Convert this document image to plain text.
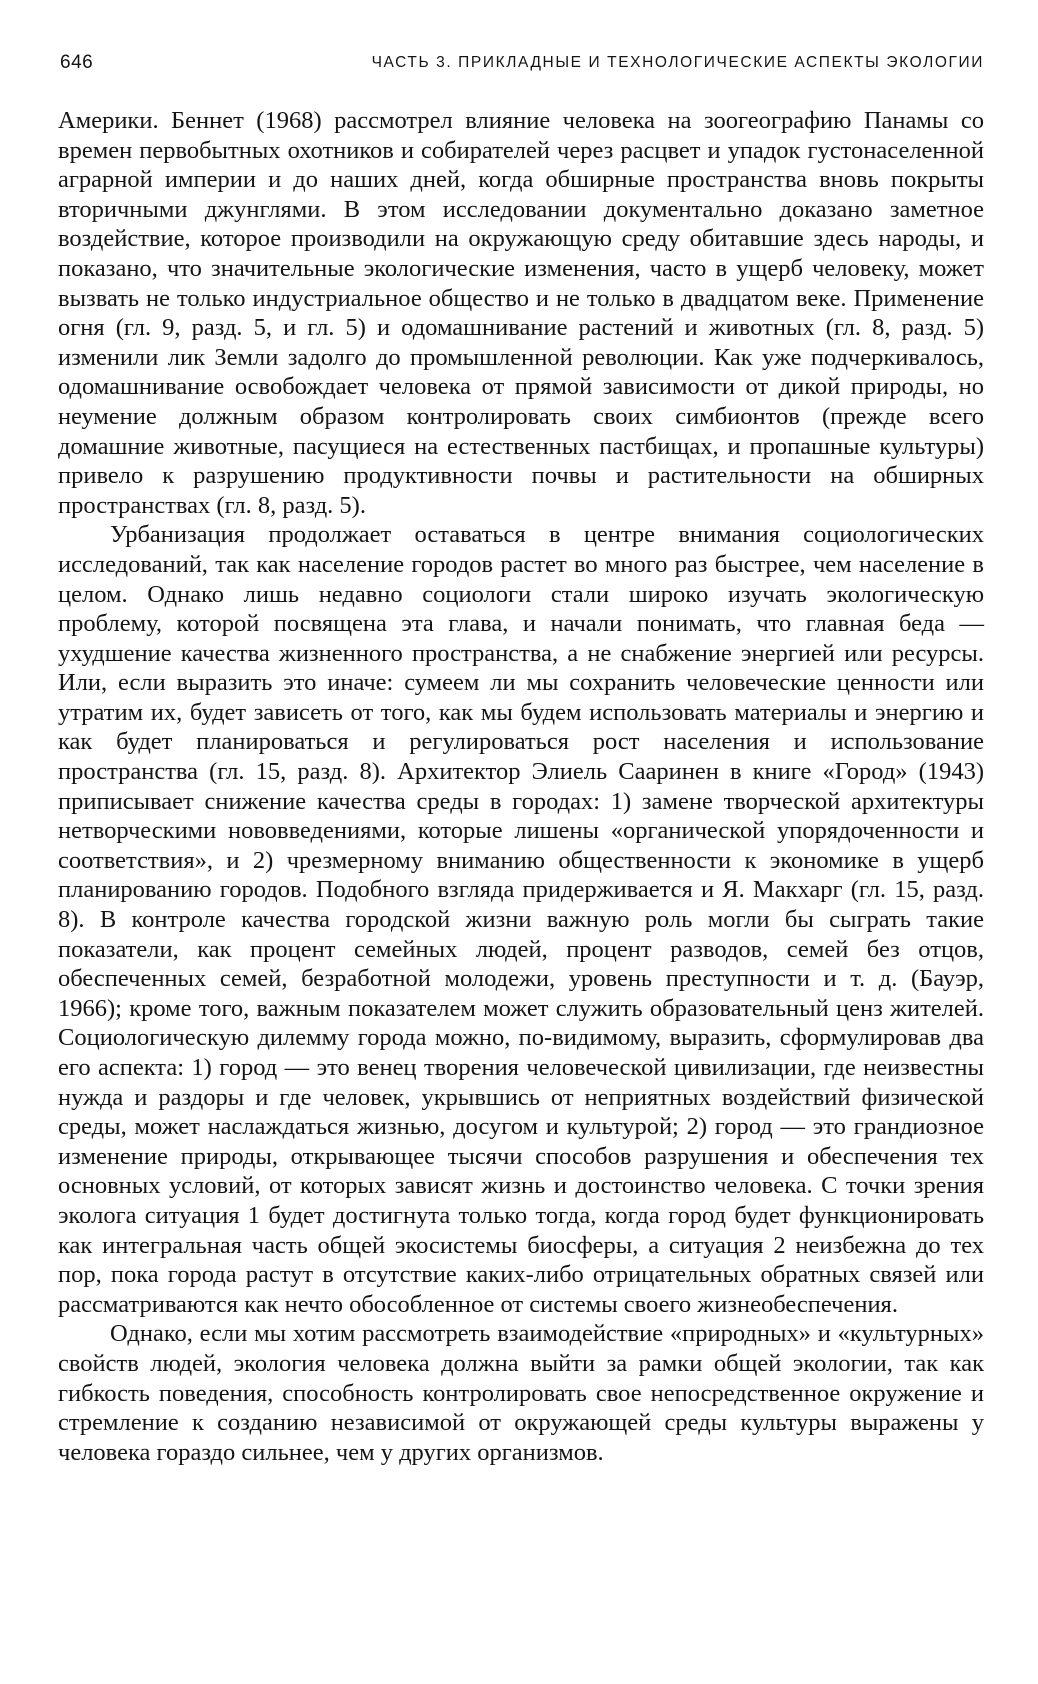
646	ЧАСТЬ 3. ПРИКЛАДНЫЕ И ТЕХНОЛОГИЧЕСКИЕ АСПЕКТЫ ЭКОЛОГИИ

Америки. Беннет (1968) рассмотрел влияние человека на зоогеографию Панамы со времен первобытных охотников и собирателей через расцвет и упадок густонаселенной аграрной империи и до наших дней, когда обширные пространства вновь покрыты вторичными джунглями. В этом исследовании документально доказано заметное воздействие, которое производили на окружающую среду обитавшие здесь народы, и показано, что значительные экологические изменения, часто в ущерб человеку, может вызвать не только индустриальное общество и не только в двадцатом веке. Применение огня (гл. 9, разд. 5, и гл. 5) и одомашнивание растений и животных (гл. 8, разд. 5) изменили лик Земли задолго до промышленной революции. Как уже подчеркивалось, одомашнивание освобождает человека от прямой зависимости от дикой природы, но неумение должным образом контролировать своих симбионтов (прежде всего домашние животные, пасущиеся на естественных пастбищах, и пропашные культуры) привело к разрушению продуктивности почвы и растительности на обширных пространствах (гл. 8, разд. 5).

Урбанизация продолжает оставаться в центре внимания социологических исследований, так как население городов растет во много раз быстрее, чем население в целом. Однако лишь недавно социологи стали широко изучать экологическую проблему, которой посвящена эта глава, и начали понимать, что главная беда — ухудшение качества жизненного пространства, а не снабжение энергией или ресурсы. Или, если выразить это иначе: сумеем ли мы сохранить человеческие ценности или утратим их, будет зависеть от того, как мы будем использовать материалы и энергию и как будет планироваться и регулироваться рост населения и использование пространства (гл. 15, разд. 8). Архитектор Элиель Сааринен в книге «Город» (1943) приписывает снижение качества среды в городах: 1) замене творческой архитектуры нетворческими нововведениями, которые лишены «органической упорядоченности и соответствия», и 2) чрезмерному вниманию общественности к экономике в ущерб планированию городов. Подобного взгляда придерживается и Я. Макхарг (гл. 15, разд. 8). В контроле качества городской жизни важную роль могли бы сыграть такие показатели, как процент семейных людей, процент разводов, семей без отцов, обеспеченных семей, безработной молодежи, уровень преступности и т. д. (Бауэр, 1966); кроме того, важным показателем может служить образовательный ценз жителей. Социологическую дилемму города можно, по-видимому, выразить, сформулировав два его аспекта: 1) город — это венец творения человеческой цивилизации, где неизвестны нужда и раздоры и где человек, укрывшись от неприятных воздействий физической среды, может наслаждаться жизнью, досугом и культурой; 2) город — это грандиозное изменение природы, открывающее тысячи способов разрушения и обеспечения тех основных условий, от которых зависят жизнь и достоинство человека. С точки зрения эколога ситуация 1 будет достигнута только тогда, когда город будет функционировать как интегральная часть общей экосистемы биосферы, а ситуация 2 неизбежна до тех пор, пока города растут в отсутствие каких-либо отрицательных обратных связей или рассматриваются как нечто обособленное от системы своего жизнеобеспечения.

Однако, если мы хотим рассмотреть взаимодействие «природных» и «культурных» свойств людей, экология человека должна выйти за рамки общей экологии, так как гибкость поведения, способность контролировать свое непосредственное окружение и стремление к созданию независимой от окружающей среды культуры выражены у человека гораздо сильнее, чем у других организмов.
